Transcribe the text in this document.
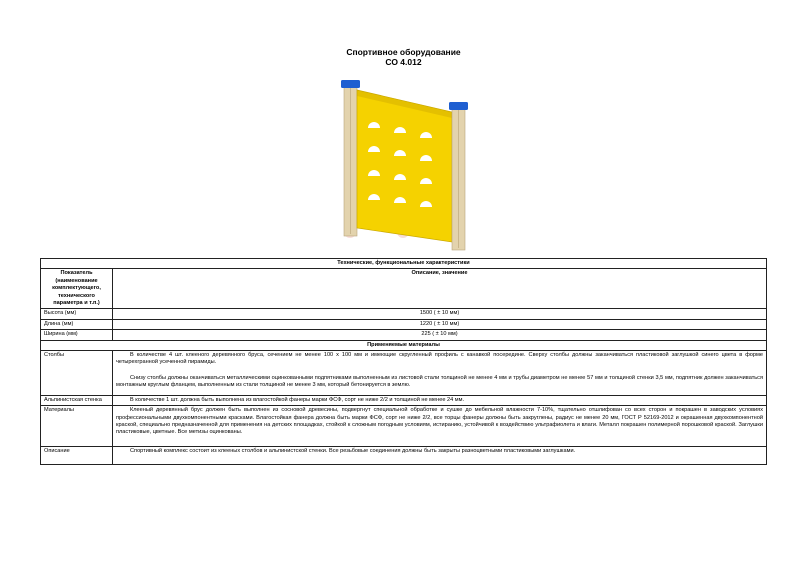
Спортивное оборудование
СО 4.012
Технические, функциональные характеристики	
Показатель (наименование комплектующего, технического параметра и т.п.)	Описание, значение
Высота (мм)	1500 ( ± 10 мм)
Длина (мм)	1220 ( ± 10 мм)
Ширина (мм)	225 ( ± 10 мм)
Применяемые материалы	
Столбы	В количестве 4 шт. клееного деревянного бруса, сечением не менее 100 х 100 мм и имеющие скругленный профиль с канавкой посередине. Сверху столбы должны заканчиваться пластиковой заглушкой синего цвета в форме четырехгранной усеченной пирамиды.

Снизу столбы должны оканчиваться металлическими оцинкованными подпятниками выполненным из листовой стали толщиной не менее 4 мм и трубы диаметром не менее 57 мм и толщиной стенки 3,5 мм, подпятник должен заканчиваться монтажным круглым фланцем, выполненным из стали толщиной не менее 3 мм, который бетонируется в землю.

Альпинистская стенка	В количестве 1 шт. должна быть выполнена из влагостойкой фанеры марки ФСФ, сорт не ниже 2/2 и толщиной не менее 24 мм.

Материалы	Клееный деревянный брус должен быть выполнен из сосновой древесины, подвергнут специальной обработке и сушке до мебельной влажности 7-10%, тщательно отшлифован со всех сторон и покрашен в заводских условиях профессиональными двухкомпонентными красками. Влагостойкая фанера должна быть марки ФСФ, сорт не ниже 2/2, все торцы фанеры должны быть закруглены, радиус не менее 20 мм, ГОСТ Р 52169-2012 и окрашенная двухкомпонентной краской, специально предназначенной для применения на детских площадках, стойкой к сложным погодным условиям, истиранию, устойчивой к воздействию ультрафиолета и влаги. Металл покрашен полимерной порошковой краской. Заглушки пластиковые, цветные. Все метизы оцинкованы.

Описание	Спортивный комплекс состоит из клееных столбов и альпинистской стенки. Все резьбовые соединения должны быть закрыты разноцветными пластиковыми заглушками.
